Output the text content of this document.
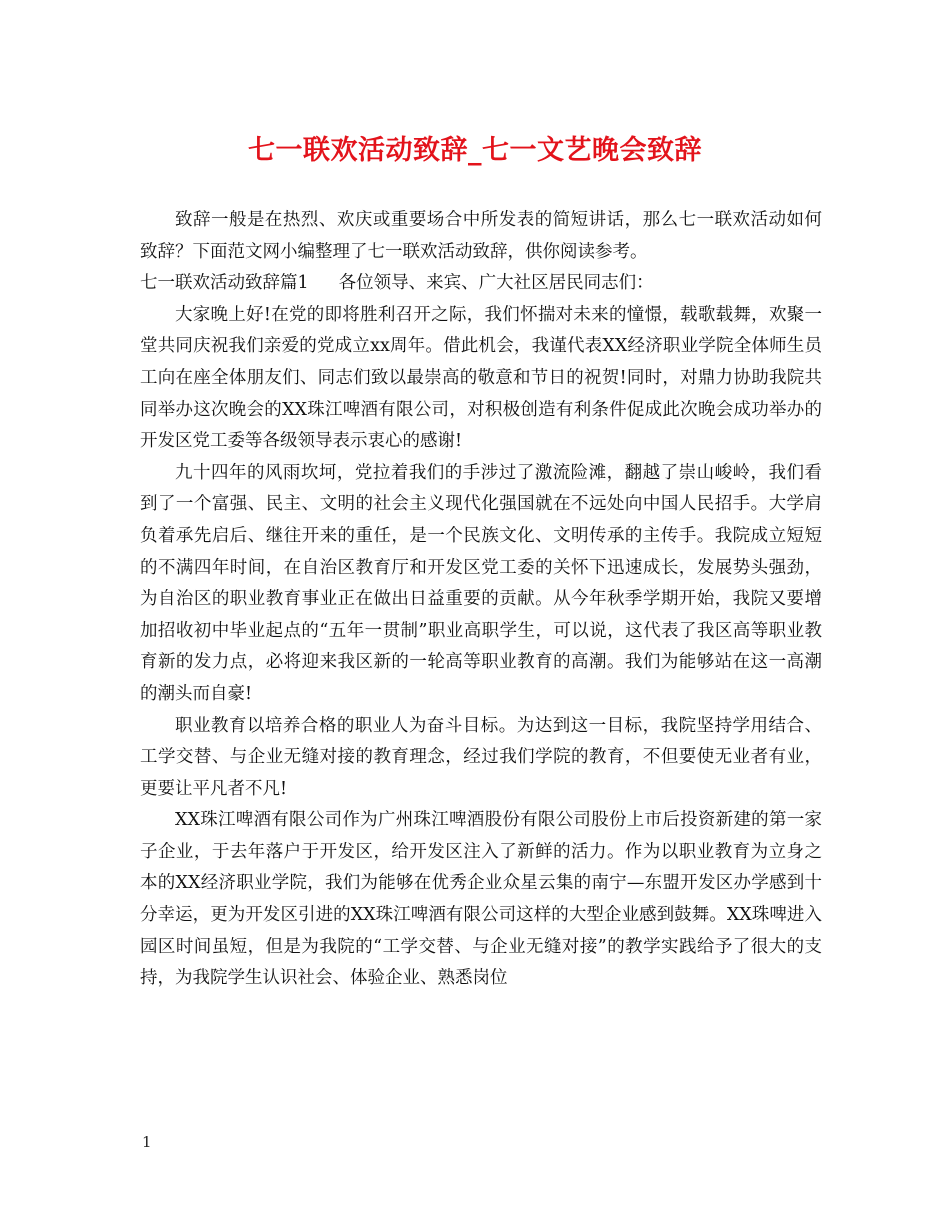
七一联欢活动致辞_七一文艺晚会致辞

致辞一般是在热烈、欢庆或重要场合中所发表的简短讲话，那么七一联欢活动如何致辞？下面范文网小编整理了七一联欢活动致辞，供你阅读参考。

七一联欢活动致辞篇1 各位领导、来宾、广大社区居民同志们：

大家晚上好!在党的即将胜利召开之际，我们怀揣对未来的憧憬，载歌载舞，欢聚一堂共同庆祝我们亲爱的党成立xx周年。借此机会，我谨代表XX经济职业学院全体师生员工向在座全体朋友们、同志们致以最崇高的敬意和节日的祝贺!同时，对鼎力协助我院共同举办这次晚会的XX珠江啤酒有限公司，对积极创造有利条件促成此次晚会成功举办的开发区党工委等各级领导表示衷心的感谢!

九十四年的风雨坎坷，党拉着我们的手涉过了激流险滩，翻越了崇山峻岭，我们看到了一个富强、民主、文明的社会主义现代化强国就在不远处向中国人民招手。大学肩负着承先启后、继往开来的重任，是一个民族文化、文明传承的主传手。我院成立短短的不满四年时间，在自治区教育厅和开发区党工委的关怀下迅速成长，发展势头强劲，为自治区的职业教育事业正在做出日益重要的贡献。从今年秋季学期开始，我院又要增加招收初中毕业起点的“五年一贯制”职业高职学生，可以说，这代表了我区高等职业教育新的发力点，必将迎来我区新的一轮高等职业教育的高潮。我们为能够站在这一高潮的潮头而自豪!

职业教育以培养合格的职业人为奋斗目标。为达到这一目标，我院坚持学用结合、工学交替、与企业无缝对接的教育理念，经过我们学院的教育，不但要使无业者有业，更要让平凡者不凡!

XX珠江啤酒有限公司作为广州珠江啤酒股份有限公司股份上市后投资新建的第一家子企业，于去年落户于开发区，给开发区注入了新鲜的活力。作为以职业教育为立身之本的XX经济职业学院，我们为能够在优秀企业众星云集的南宁—东盟开发区办学感到十分幸运，更为开发区引进的XX珠江啤酒有限公司这样的大型企业感到鼓舞。XX珠啤进入园区时间虽短，但是为我院的“工学交替、与企业无缝对接”的教学实践给予了很大的支持，为我院学生认识社会、体验企业、熟悉岗位

1
